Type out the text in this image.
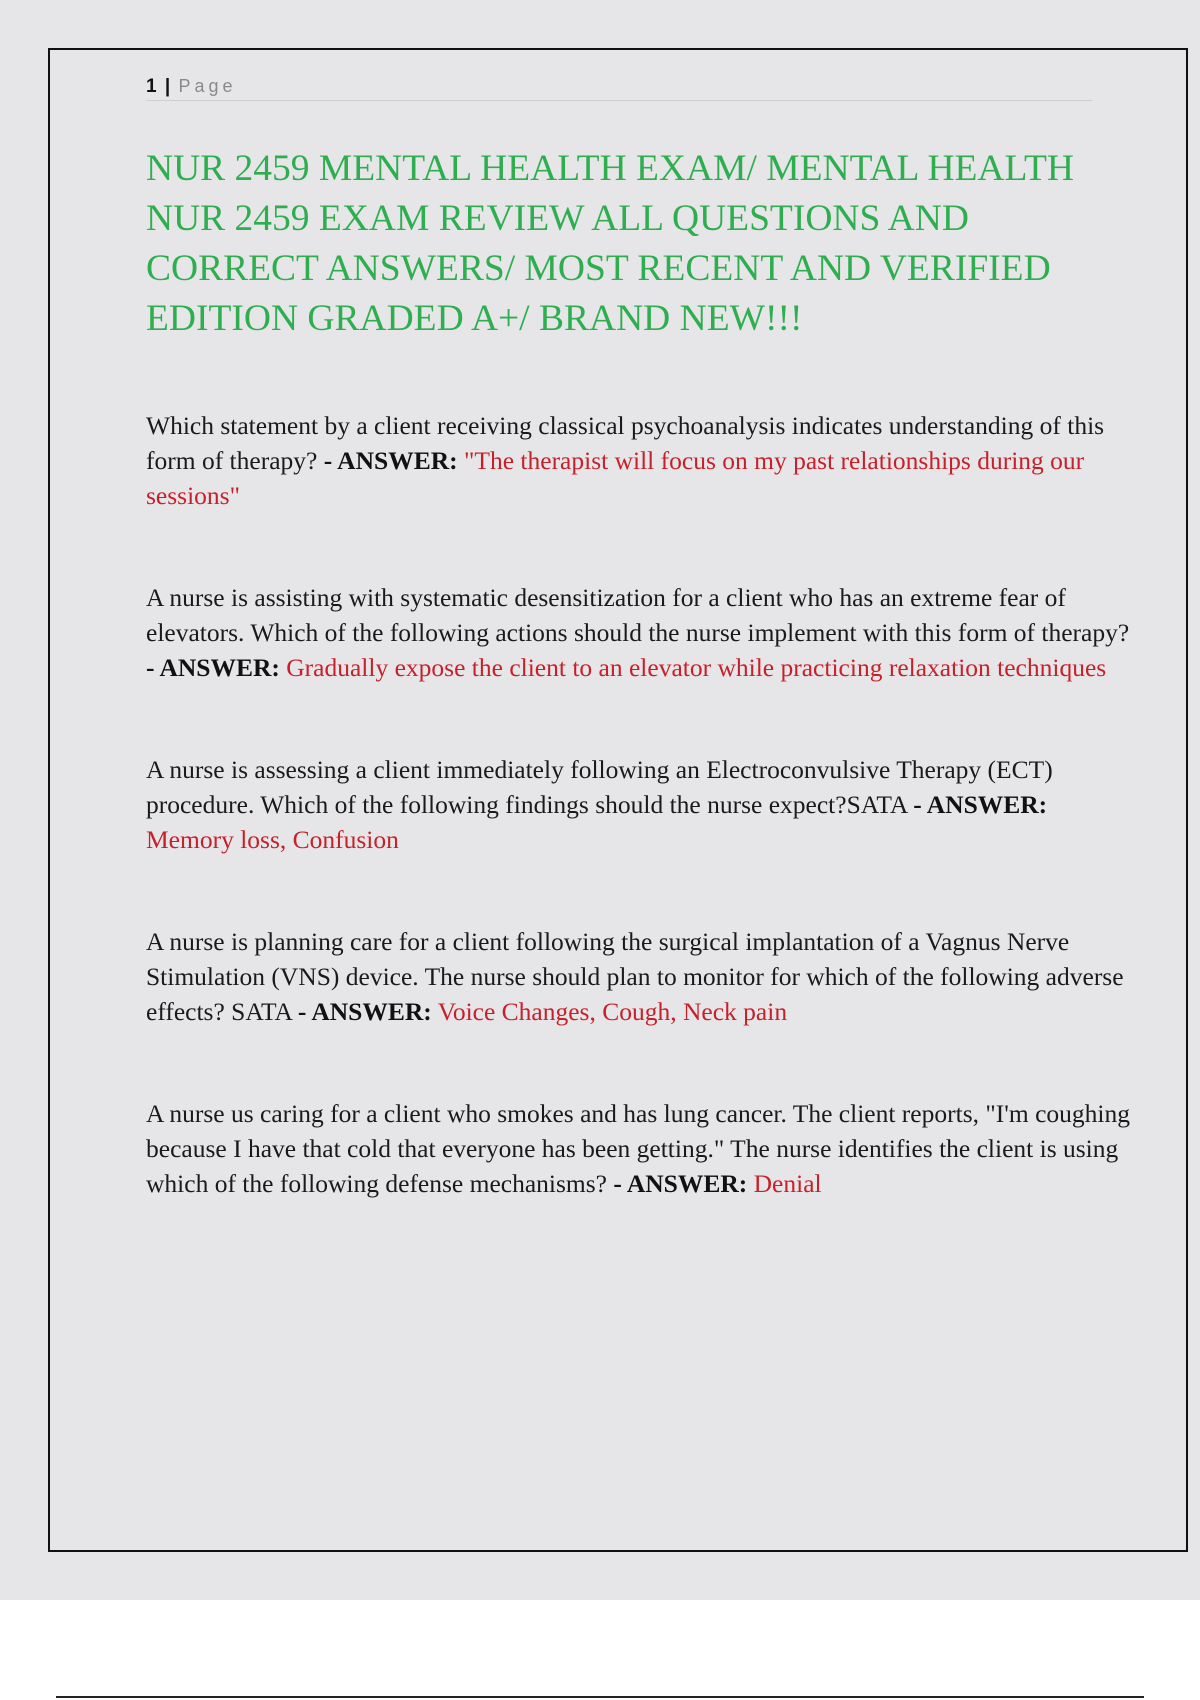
1 | Page
NUR 2459 MENTAL HEALTH EXAM/ MENTAL HEALTH NUR 2459 EXAM REVIEW ALL QUESTIONS AND CORRECT ANSWERS/ MOST RECENT AND VERIFIED EDITION GRADED A+/ BRAND NEW!!!

Which statement by a client receiving classical psychoanalysis indicates understanding of this form of therapy? - ANSWER: "The therapist will focus on my past relationships during our sessions"

A nurse is assisting with systematic desensitization for a client who has an extreme fear of elevators. Which of the following actions should the nurse implement with this form of therapy? - ANSWER: Gradually expose the client to an elevator while practicing relaxation techniques

A nurse is assessing a client immediately following an Electroconvulsive Therapy (ECT) procedure. Which of the following findings should the nurse expect?SATA - ANSWER: Memory loss, Confusion

A nurse is planning care for a client following the surgical implantation of a Vagnus Nerve Stimulation (VNS) device. The nurse should plan to monitor for which of the following adverse effects? SATA - ANSWER: Voice Changes, Cough, Neck pain

A nurse us caring for a client who smokes and has lung cancer. The client reports, "I'm coughing because I have that cold that everyone has been getting." The nurse identifies the client is using which of the following defense mechanisms? - ANSWER: Denial
